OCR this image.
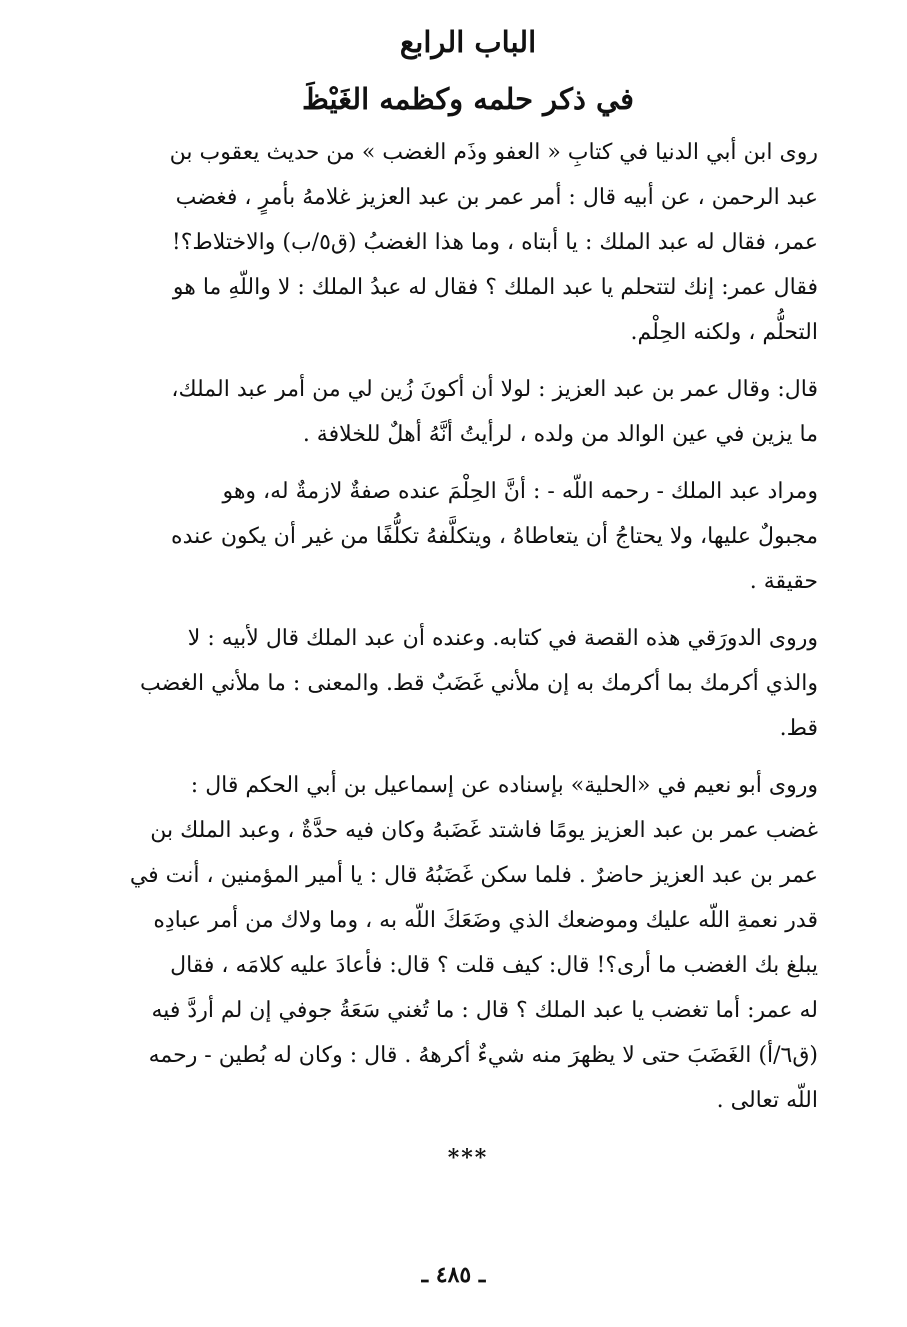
الباب الرابع
في ذكر حلمه وكظمه الغَيْظَ
روى ابن أبي الدنيا في كتابِ « العفو وذَم الغضب » من حديث يعقوب بن
عبد الرحمن ، عن أبيه قال : أمر عمر بن عبد العزيز غلامهُ بأمرٍ ، فغضب
عمر، فقال له عبد الملك : يا أبتاه ، وما هذا الغضبُ (ق٥/ب) والاختلاط؟!
فقال عمر: إنك لتتحلم يا عبد الملك ؟ فقال له عبدُ الملك : لا واللّهِ ما هو
التحلُّم ، ولكنه الحِلْم.
قال: وقال عمر بن عبد العزيز : لولا أن أكونَ زُين لي من أمر عبد الملك،
ما يزين في عين الوالد من ولده ، لرأيتُ أنَّهُ أهلٌ للخلافة .
ومراد عبد الملك - رحمه اللّه - : أنَّ الحِلْمَ عنده صفةٌ لازمةٌ له، وهو
مجبولٌ عليها، ولا يحتاجُ أن يتعاطاهُ ، ويتكلَّفهُ تكلُّفًا من غير أن يكون عنده
حقيقة .
وروى الدورَقي هذه القصة في كتابه. وعنده أن عبد الملك قال لأبيه : لا
والذي أكرمك بما أكرمك به إن ملأني غَضَبٌ قط. والمعنى : ما ملأني الغضب
قط.
وروى أبو نعيم في «الحلية» بإسناده عن إسماعيل بن أبي الحكم قال :
غضب عمر بن عبد العزيز يومًا فاشتد غَضَبهُ وكان فيه حدَّةٌ ، وعبد الملك بن
عمر بن عبد العزيز حاضرٌ . فلما سكن غَضَبُهُ قال : يا أمير المؤمنين ، أنت في
قدر نعمةِ اللّه عليك وموضعك الذي وضَعَكَ اللّه به ، وما ولاك من أمر عبادِه
يبلغ بك الغضب ما أرى؟! قال: كيف قلت ؟ قال: فأعادَ عليه كلامَه ، فقال
له عمر: أما تغضب يا عبد الملك ؟ قال : ما تُغني سَعَةُ جوفي إن لم أردَّ فيه
(ق٦/أ) الغَضَبَ حتى لا يظهرَ منه شيءٌ أكرههُ . قال : وكان له بُطين - رحمه
اللّه تعالى .
***
ـ ٤٨٥ ـ
